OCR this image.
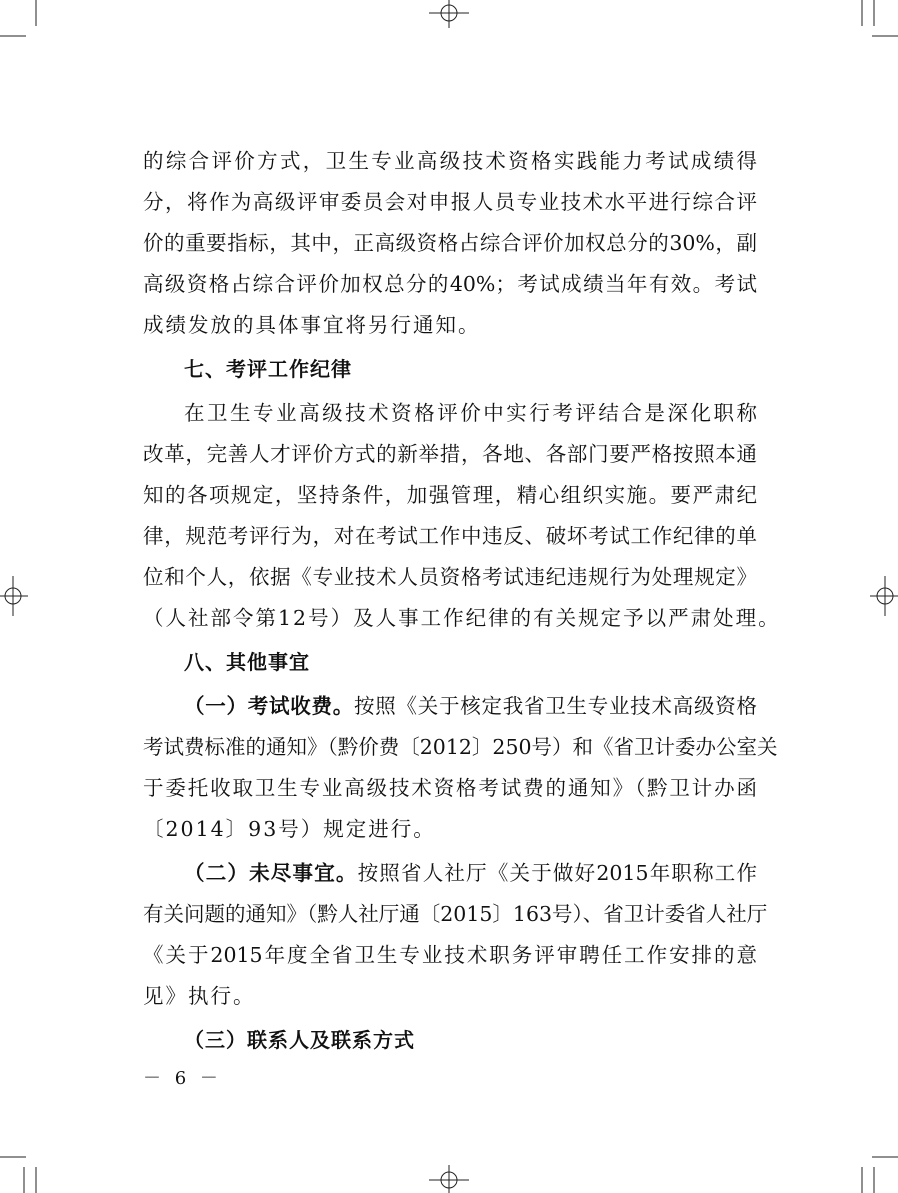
的综合评价方式，卫生专业高级技术资格实践能力考试成绩得
分，将作为高级评审委员会对申报人员专业技术水平进行综合评
价的重要指标，其中，正高级资格占综合评价加权总分的30%，副
高级资格占综合评价加权总分的40%；考试成绩当年有效。考试
成绩发放的具体事宜将另行通知。
七、考评工作纪律
在卫生专业高级技术资格评价中实行考评结合是深化职称
改革，完善人才评价方式的新举措，各地、各部门要严格按照本通
知的各项规定，坚持条件，加强管理，精心组织实施。要严肃纪
律，规范考评行为，对在考试工作中违反、破坏考试工作纪律的单
位和个人，依据《专业技术人员资格考试违纪违规行为处理规定》
（人社部令第12号）及人事工作纪律的有关规定予以严肃处理。
八、其他事宜
（一）考试收费。按照《关于核定我省卫生专业技术高级资格
考试费标准的通知》（黔价费〔2012〕250号）和《省卫计委办公室关
于委托收取卫生专业高级技术资格考试费的通知》（黔卫计办函
〔2014〕93号）规定进行。
（二）未尽事宜。按照省人社厅《关于做好2015年职称工作
有关问题的通知》（黔人社厅通〔2015〕163号）、省卫计委省人社厅
《关于2015年度全省卫生专业技术职务评审聘任工作安排的意
见》执行。
（三）联系人及联系方式
－ 6 －
